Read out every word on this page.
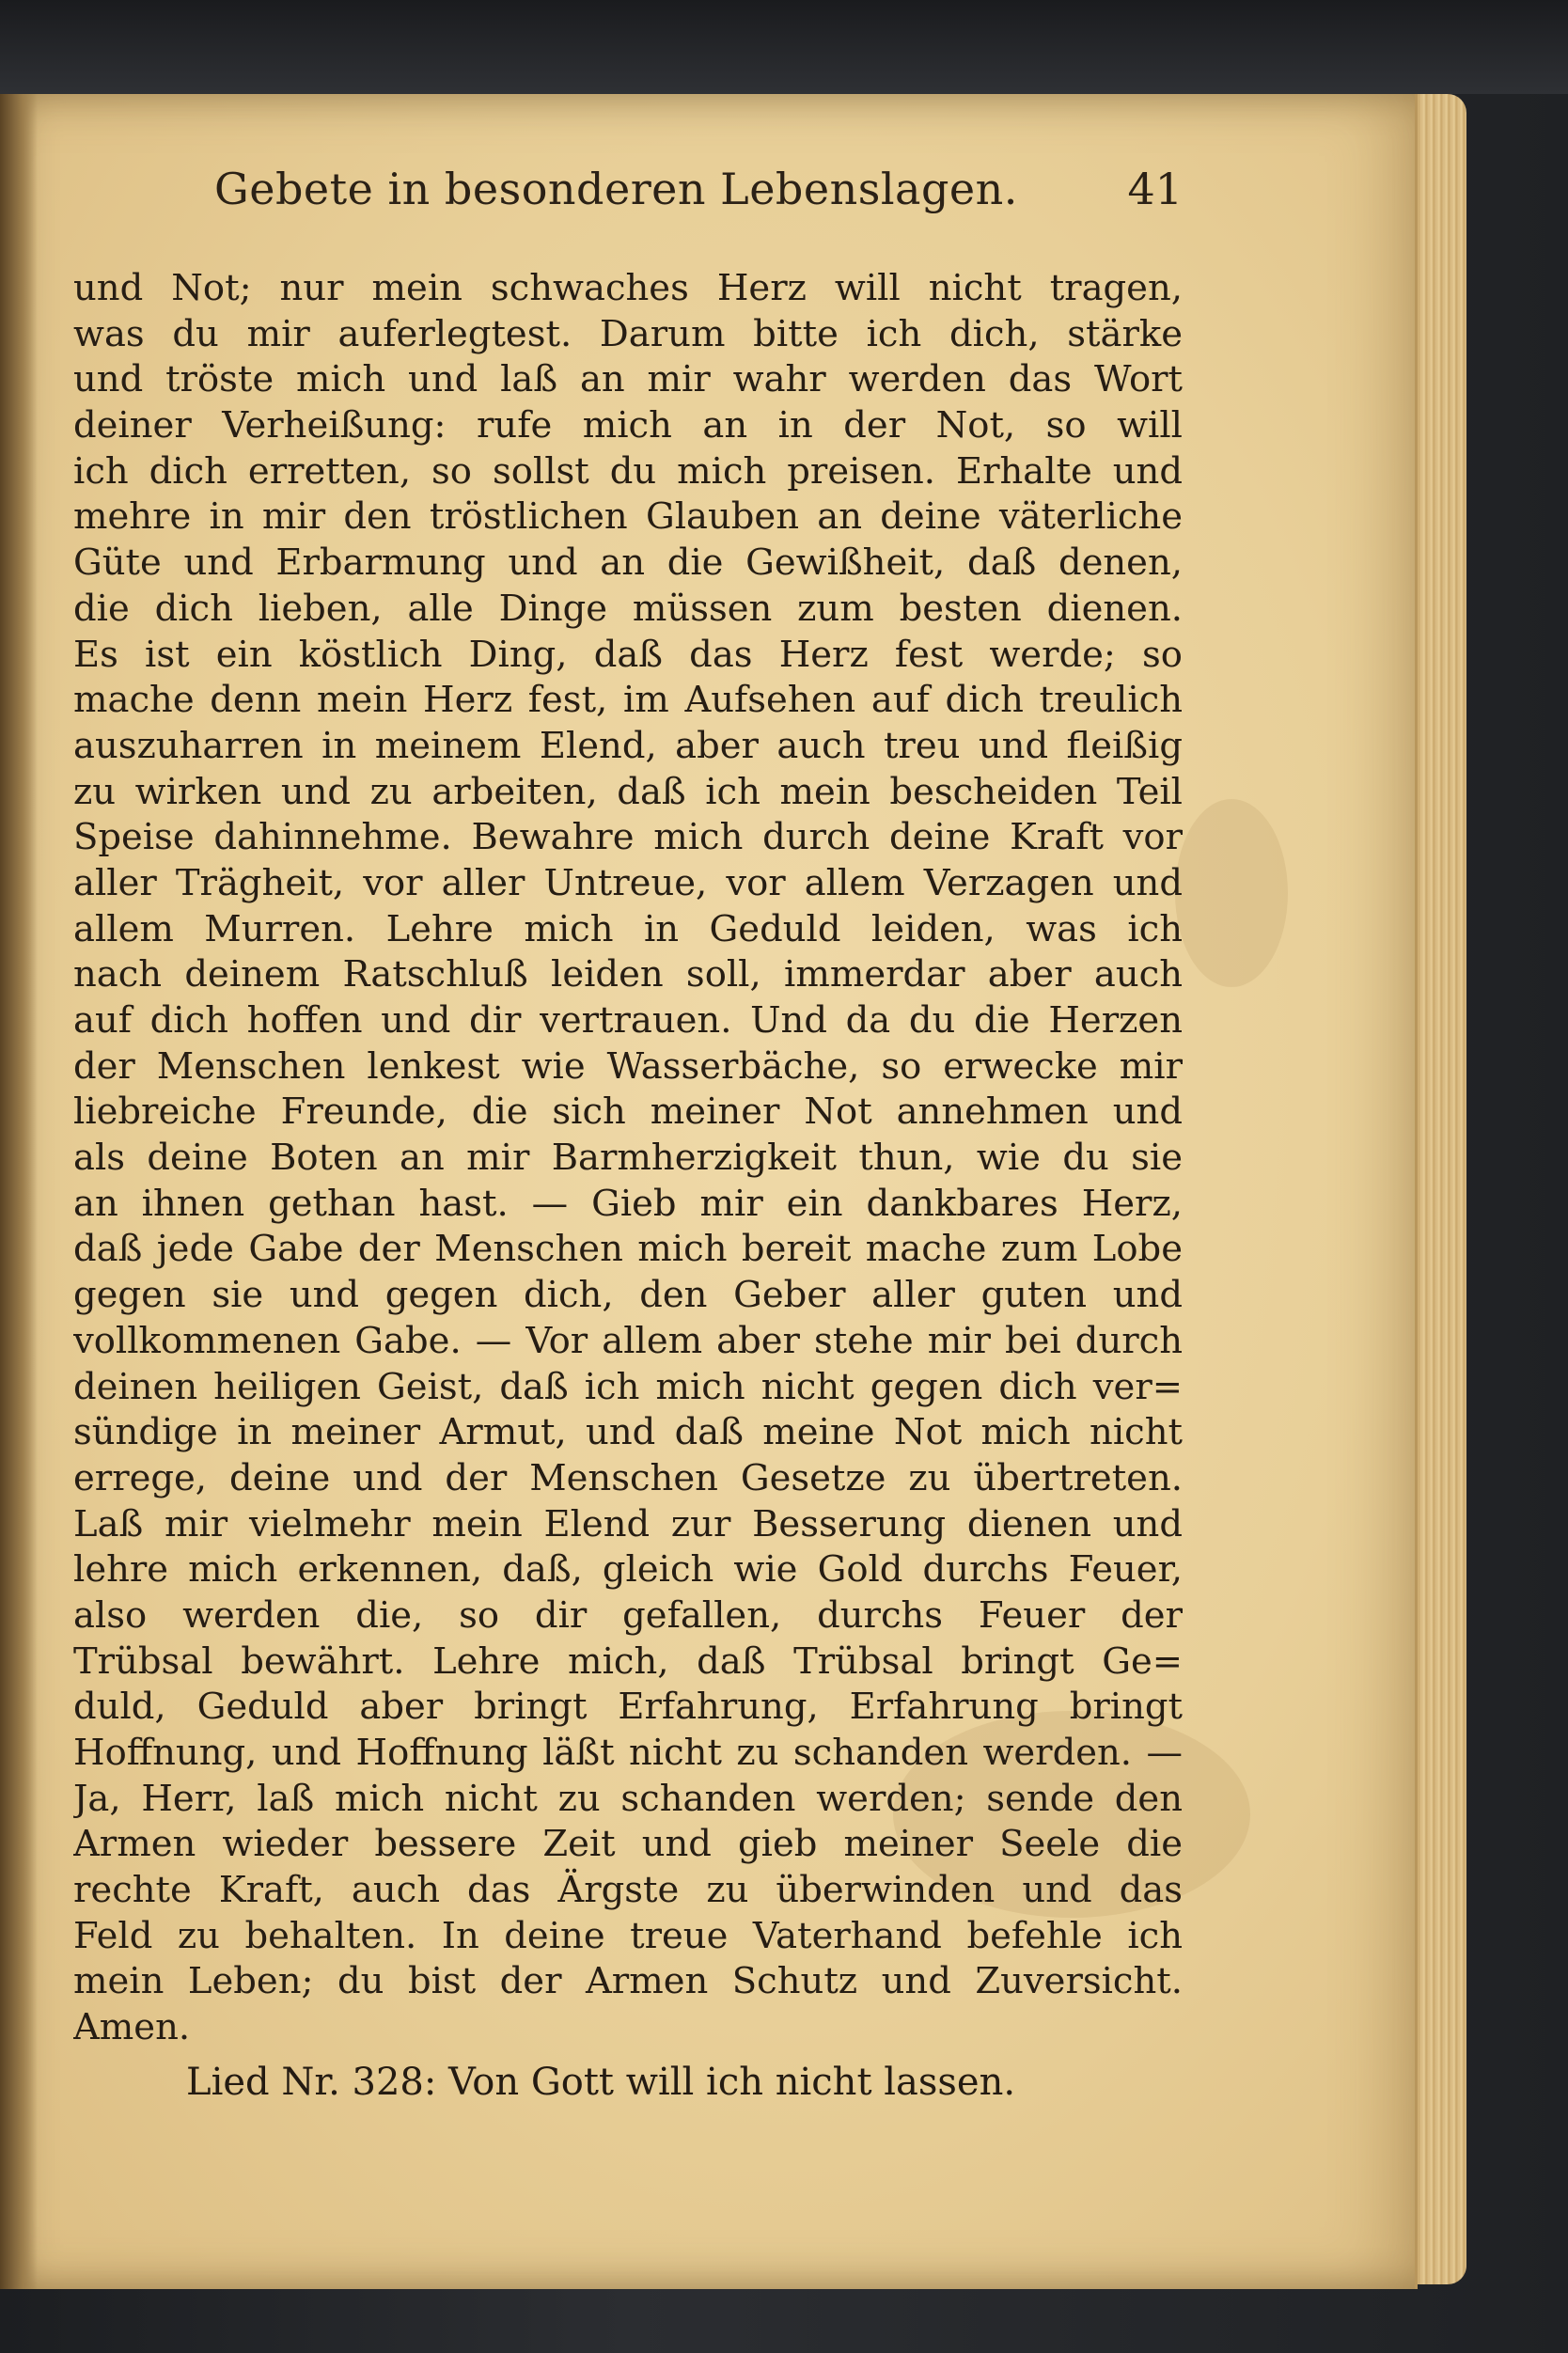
Gebete in besonderen Lebenslagen.	41
und Not; nur mein schwaches Herz will nicht tragen,
was du mir auferlegtest. Darum bitte ich dich, stärke
und tröste mich und laß an mir wahr werden das Wort
deiner Verheißung: rufe mich an in der Not, so will
ich dich erretten, so sollst du mich preisen. Erhalte und
mehre in mir den tröstlichen Glauben an deine väterliche
Güte und Erbarmung und an die Gewißheit, daß denen,
die dich lieben, alle Dinge müssen zum besten dienen.
Es ist ein köstlich Ding, daß das Herz fest werde; so
mache denn mein Herz fest, im Aufsehen auf dich treulich
auszuharren in meinem Elend, aber auch treu und fleißig
zu wirken und zu arbeiten, daß ich mein bescheiden Teil
Speise dahinnehme. Bewahre mich durch deine Kraft vor
aller Trägheit, vor aller Untreue, vor allem Verzagen und
allem Murren. Lehre mich in Geduld leiden, was ich
nach deinem Ratschluß leiden soll, immerdar aber auch
auf dich hoffen und dir vertrauen. Und da du die Herzen
der Menschen lenkest wie Wasserbäche, so erwecke mir
liebreiche Freunde, die sich meiner Not annehmen und
als deine Boten an mir Barmherzigkeit thun, wie du sie
an ihnen gethan hast. — Gieb mir ein dankbares Herz,
daß jede Gabe der Menschen mich bereit mache zum Lobe
gegen sie und gegen dich, den Geber aller guten und
vollkommenen Gabe. — Vor allem aber stehe mir bei durch
deinen heiligen Geist, daß ich mich nicht gegen dich ver=
sündige in meiner Armut, und daß meine Not mich nicht
errege, deine und der Menschen Gesetze zu übertreten.
Laß mir vielmehr mein Elend zur Besserung dienen und
lehre mich erkennen, daß, gleich wie Gold durchs Feuer,
also werden die, so dir gefallen, durchs Feuer der
Trübsal bewährt. Lehre mich, daß Trübsal bringt Ge=
duld, Geduld aber bringt Erfahrung, Erfahrung bringt
Hoffnung, und Hoffnung läßt nicht zu schanden werden. —
Ja, Herr, laß mich nicht zu schanden werden; sende den
Armen wieder bessere Zeit und gieb meiner Seele die
rechte Kraft, auch das Ärgste zu überwinden und das
Feld zu behalten. In deine treue Vaterhand befehle ich
mein Leben; du bist der Armen Schutz und Zuversicht.
Amen.
Lied Nr. 328: Von Gott will ich nicht lassen.
